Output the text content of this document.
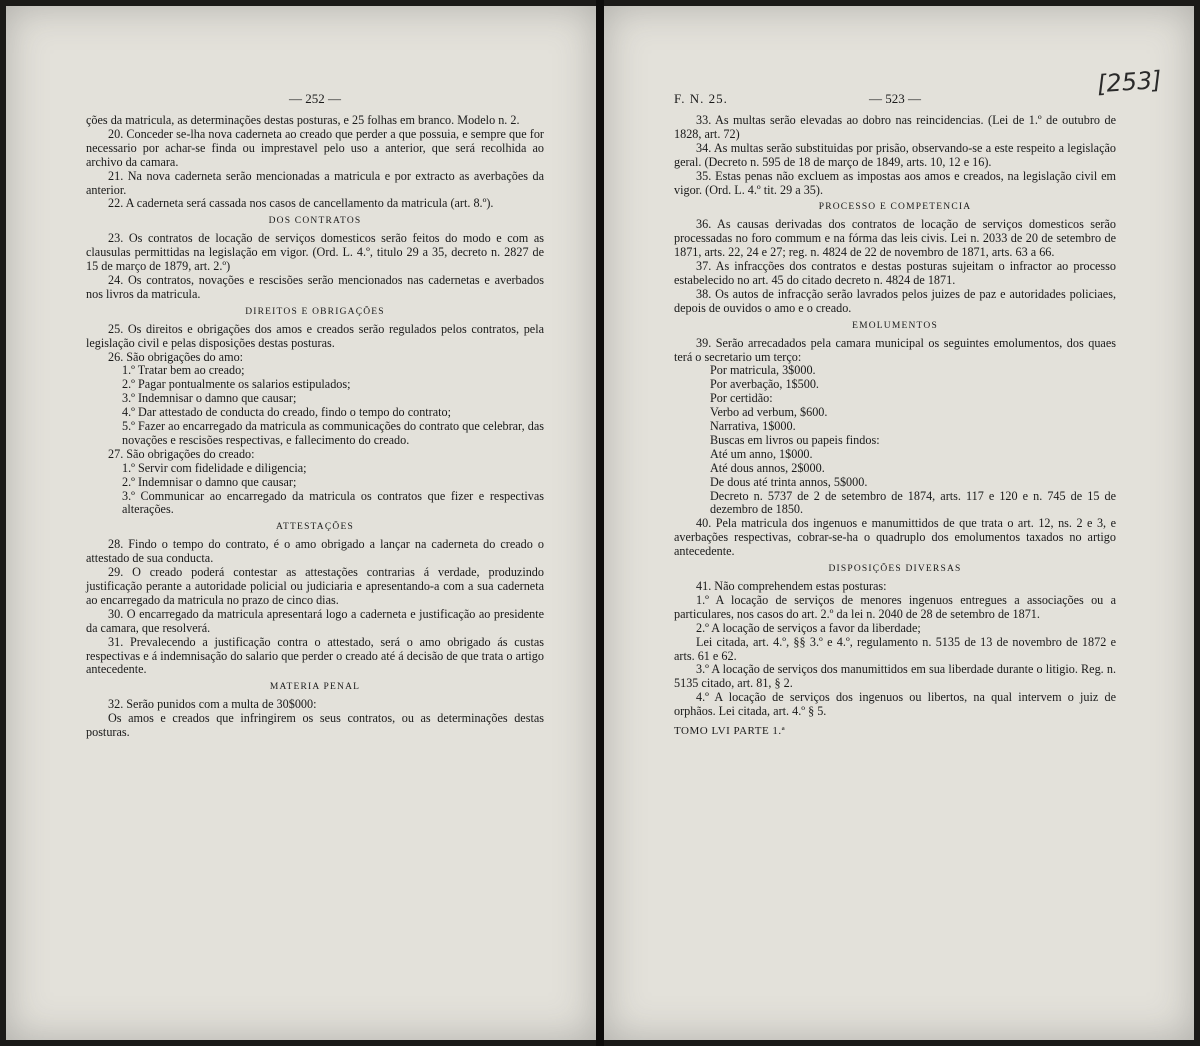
— 252 —

ções da matricula, as determinações destas posturas, e 25 folhas em branco. Modelo n. 2.

20. Conceder se-lha nova caderneta ao creado que perder a que possuia, e sempre que for necessario por achar-se finda ou imprestavel pelo uso a anterior, que será recolhida ao archivo da camara.

21. Na nova caderneta serão mencionadas a matricula e por extracto as averbações da anterior.

22. A caderneta será cassada nos casos de cancellamento da matricula (art. 8.º).

DOS CONTRATOS

23. Os contratos de locação de serviços domesticos serão feitos do modo e com as clausulas permittidas na legislação em vigor. (Ord. L. 4.º, titulo 29 a 35, decreto n. 2827 de 15 de março de 1879, art. 2.º)

24. Os contratos, novações e rescisões serão mencionados nas cadernetas e averbados nos livros da matricula.

DIREITOS E OBRIGAÇÕES

25. Os direitos e obrigações dos amos e creados serão regulados pelos contratos, pela legislação civil e pelas disposições destas posturas.

26. São obrigações do amo:

1.º Tratar bem ao creado;

2.º Pagar pontualmente os salarios estipulados;

3.º Indemnisar o damno que causar;

4.º Dar attestado de conducta do creado, findo o tempo do contrato;

5.º Fazer ao encarregado da matricula as communicações do contrato que celebrar, das novações e rescisões respectivas, e fallecimento do creado.

27. São obrigações do creado:

1.º Servir com fidelidade e diligencia;

2.º Indemnisar o damno que causar;

3.º Communicar ao encarregado da matricula os contratos que fizer e respectivas alterações.

ATTESTAÇÕES

28. Findo o tempo do contrato, é o amo obrigado a lançar na caderneta do creado o attestado de sua conducta.

29. O creado poderá contestar as attestações contrarias á verdade, produzindo justificação perante a autoridade policial ou judiciaria e apresentando-a com a sua caderneta ao encarregado da matricula no prazo de cinco dias.

30. O encarregado da matricula apresentará logo a caderneta e justificação ao presidente da camara, que resolverá.

31. Prevalecendo a justificação contra o attestado, será o amo obrigado ás custas respectivas e á indemnisação do salario que perder o creado até á decisão de que trata o artigo antecedente.

MATERIA PENAL

32. Serão punidos com a multa de 30$000:

Os amos e creados que infringirem os seus contratos, ou as determinações destas posturas.

[253]
F. N. 25.	— 523 —

33. As multas serão elevadas ao dobro nas reincidencias. (Lei de 1.º de outubro de 1828, art. 72)

34. As multas serão substituidas por prisão, observando-se a este respeito a legislação geral. (Decreto n. 595 de 18 de março de 1849, arts. 10, 12 e 16).

35. Estas penas não excluem as impostas aos amos e creados, na legislação civil em vigor. (Ord. L. 4.º tit. 29 a 35).

PROCESSO E COMPETENCIA

36. As causas derivadas dos contratos de locação de serviços domesticos serão processadas no foro commum e na fórma das leis civis. Lei n. 2033 de 20 de setembro de 1871, arts. 22, 24 e 27; reg. n. 4824 de 22 de novembro de 1871, arts. 63 a 66.

37. As infracções dos contratos e destas posturas sujeitam o infractor ao processo estabelecido no art. 45 do citado decreto n. 4824 de 1871.

38. Os autos de infracção serão lavrados pelos juizes de paz e autoridades policiaes, depois de ouvidos o amo e o creado.

EMOLUMENTOS

39. Serão arrecadados pela camara municipal os seguintes emolumentos, dos quaes terá o secretario um terço:

Por matricula, 3$000.

Por averbação, 1$500.

Por certidão:

Verbo ad verbum, $600.

Narrativa, 1$000.

Buscas em livros ou papeis findos:

Até um anno, 1$000.

Até dous annos, 2$000.

De dous até trinta annos, 5$000.

Decreto n. 5737 de 2 de setembro de 1874, arts. 117 e 120 e n. 745 de 15 de dezembro de 1850.

40. Pela matricula dos ingenuos e manumittidos de que trata o art. 12, ns. 2 e 3, e averbações respectivas, cobrar-se-ha o quadruplo dos emolumentos taxados no artigo antecedente.

DISPOSIÇÕES DIVERSAS

41. Não comprehendem estas posturas:

1.º A locação de serviços de menores ingenuos entregues a associações ou a particulares, nos casos do art. 2.º da lei n. 2040 de 28 de setembro de 1871.

2.º A locação de serviços a favor da liberdade;

Lei citada, art. 4.º, §§ 3.º e 4.º, regulamento n. 5135 de 13 de novembro de 1872 e arts. 61 e 62.

3.º A locação de serviços dos manumittidos em sua liberdade durante o litigio. Reg. n. 5135 citado, art. 81, § 2.

4.º A locação de serviços dos ingenuos ou libertos, na qual intervem o juiz de orphãos. Lei citada, art. 4.º § 5.

TOMO LVI PARTE 1.ª
